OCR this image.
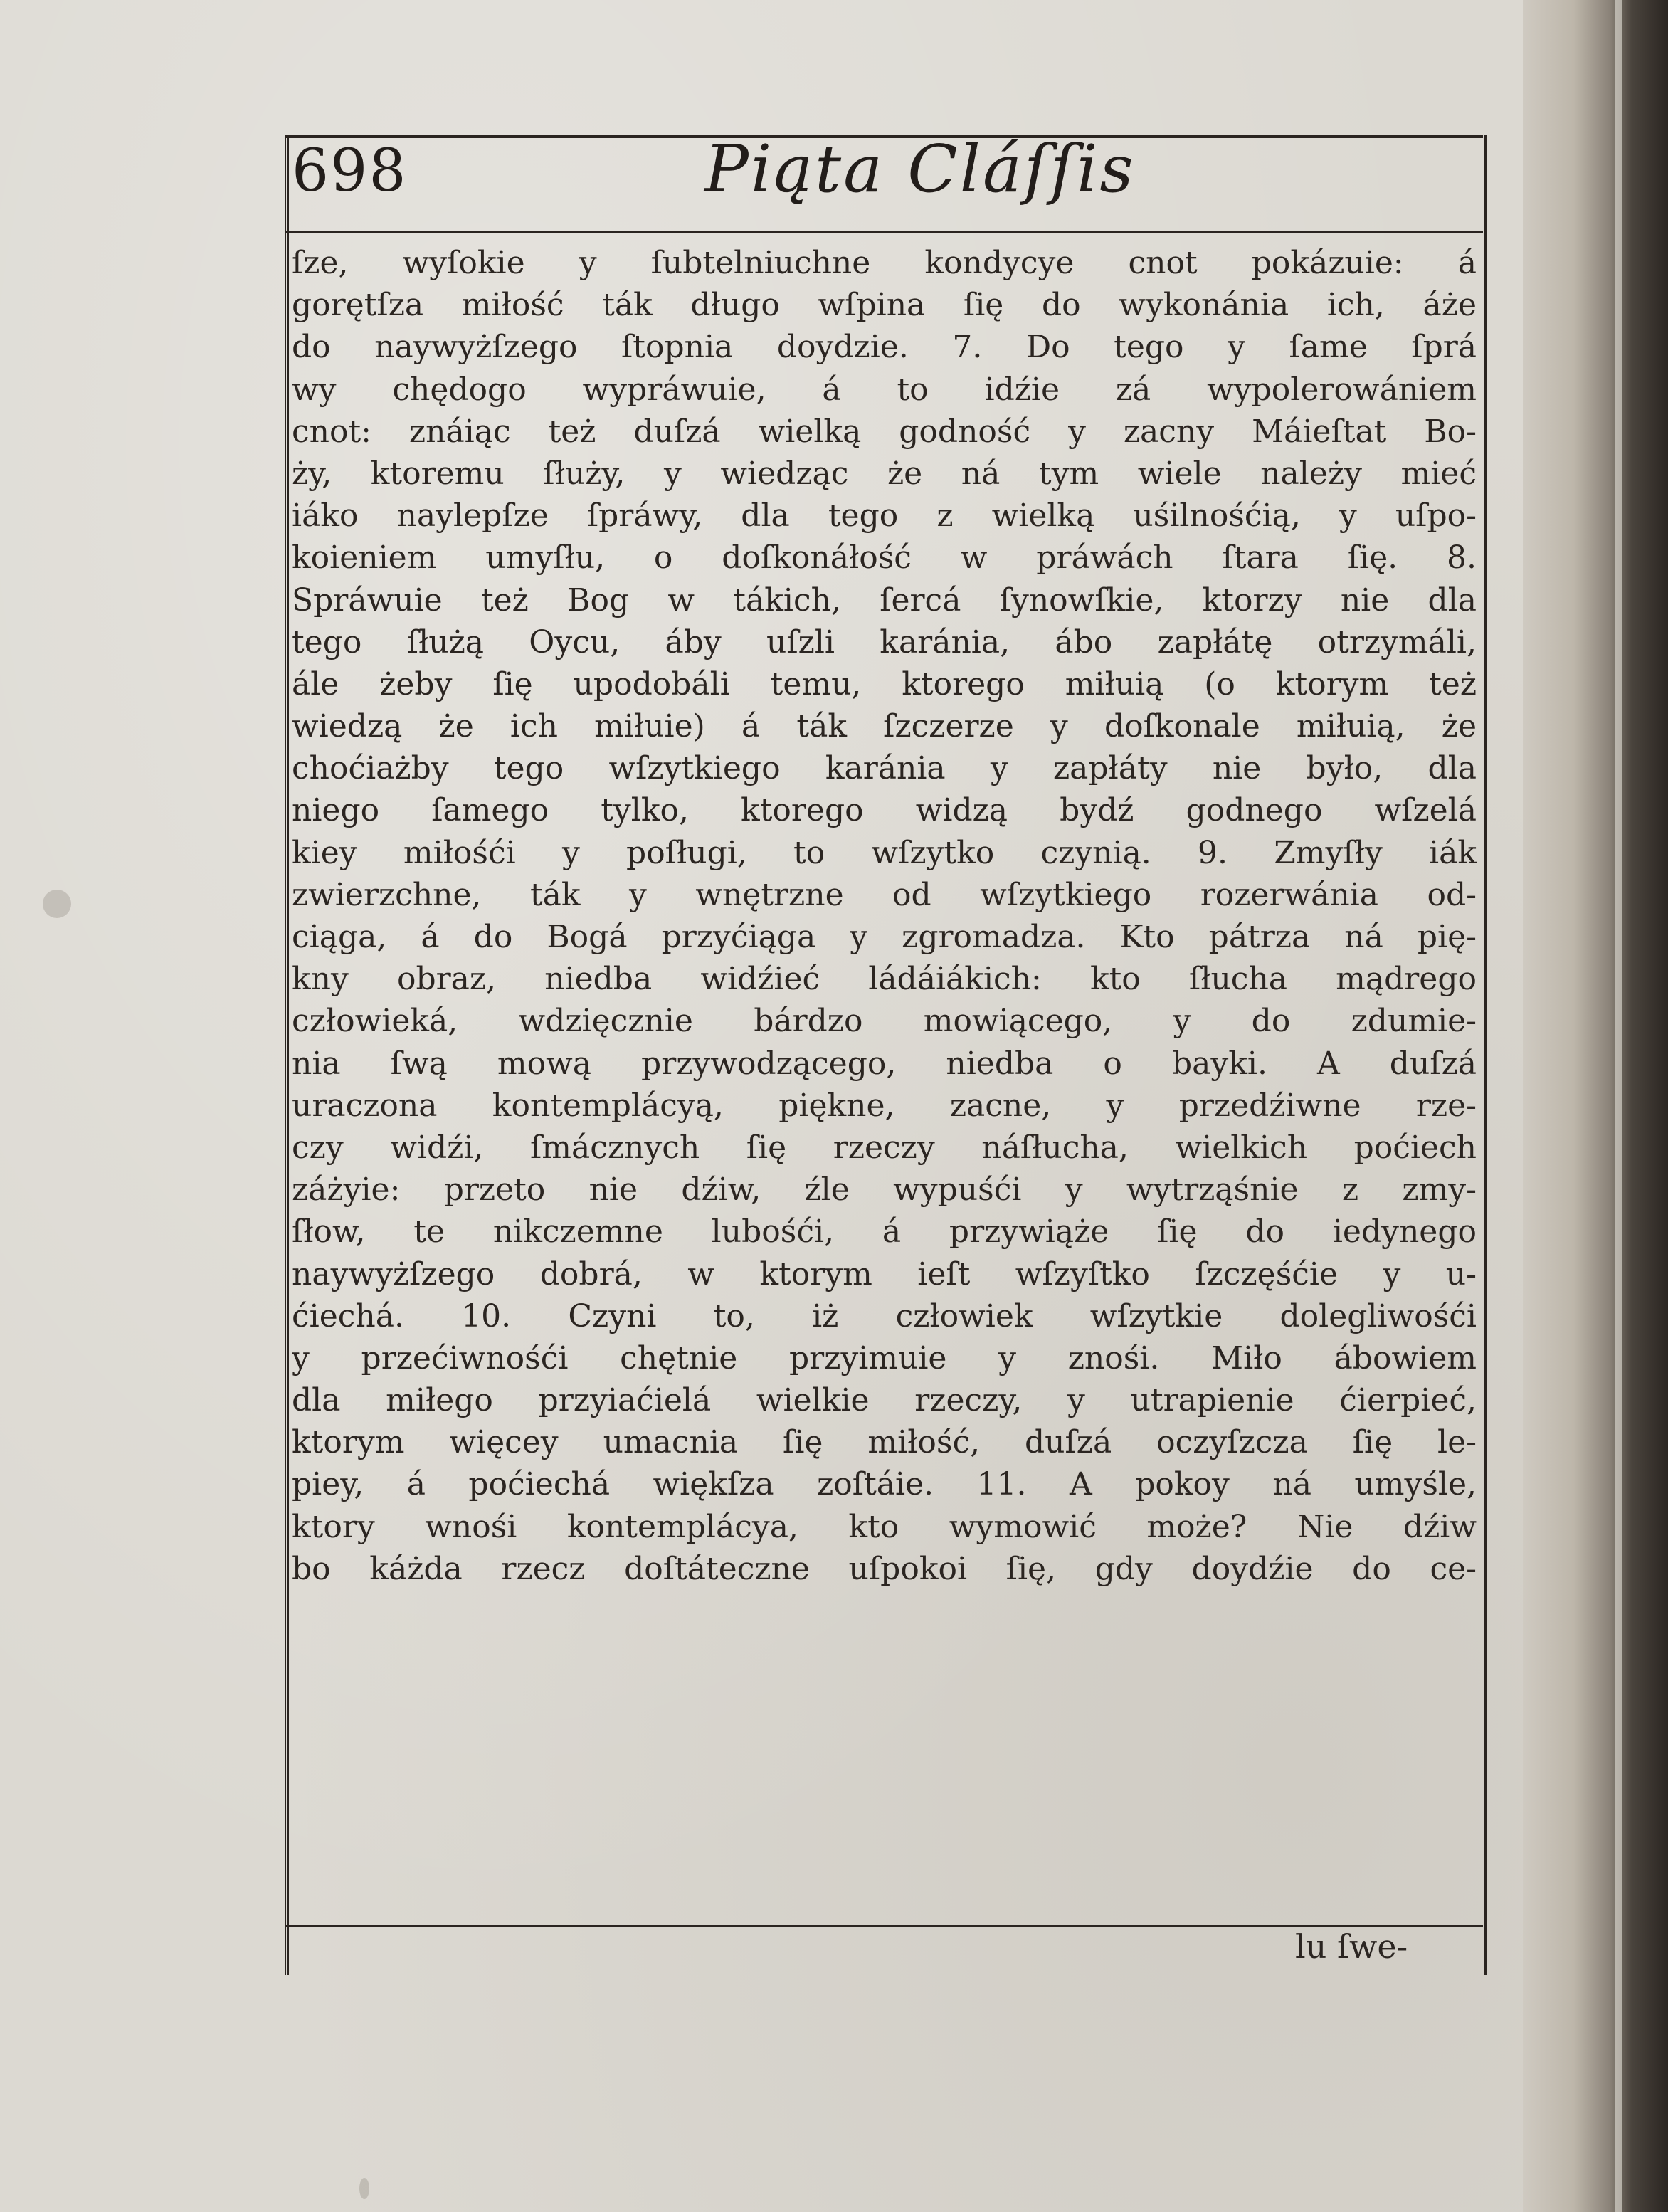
698	Piąta Cláſſis
ſze, wyſokie y ſubtelniuchne kondycye cnot pokázuie: á
gorętſza miłość ták długo wſpina ſię do wykonánia ich, áże
do naywyżſzego ſtopnia doydzie. 7. Do tego y ſame ſprá
wy chędogo wypráwuie, á to idźie zá wypolerowániem
cnot: znáiąc też duſzá wielką godność y zacny Máieſtat Bo-
ży, ktoremu ſłuży, y wiedząc że ná tym wiele należy mieć
iáko naylepſze ſpráwy, dla tego z wielką uśilnośćią, y uſpo-
koieniem umyſłu, o doſkonáłość w práwách ſtara ſię. 8.
Spráwuie też Bog w tákich, ſercá ſynowſkie, ktorzy nie dla
tego ſłużą Oycu, áby uſzli karánia, ábo zapłátę otrzymáli,
ále żeby ſię upodobáli temu, ktorego miłuią (o ktorym też
wiedzą że ich miłuie) á ták ſzczerze y doſkonale miłuią, że
choćiażby tego wſzytkiego karánia y zapłáty nie było, dla
niego ſamego tylko, ktorego widzą bydź godnego wſzelá
kiey miłośći y poſługi, to wſzytko czynią. 9. Zmyſły iák
zwierzchne, ták y wnętrzne od wſzytkiego rozerwánia od-
ciąga, á do Bogá przyćiąga y zgromadza. Kto pátrza ná pię-
kny obraz, niedba widźieć ládáiákich: kto ſłucha mądrego
człowieká, wdzięcznie bárdzo mowiącego, y do zdumie-
nia ſwą mową przywodzącego, niedba o bayki. A duſzá
uraczona kontemplácyą, piękne, zacne, y przedźiwne rze-
czy widźi, ſmácznych ſię rzeczy náſłucha, wielkich poćiech
záżyie: przeto nie dźiw, źle wypuśći y wytrząśnie z zmy-
ſłow, te nikczemne lubośći, á przywiąże ſię do iedynego
naywyżſzego dobrá, w ktorym ieſt wſzyſtko ſzczęśćie y u-
ćiechá. 10. Czyni to, iż człowiek wſzytkie dolegliwośći
y przećiwnośći chętnie przyimuie y znośi. Miło ábowiem
dla miłego przyiaćielá wielkie rzeczy, y utrapienie ćierpieć,
ktorym więcey umacnia ſię miłość, duſzá oczyſzcza ſię le-
piey, á poćiechá więkſza zoſtáie. 11. A pokoy ná umyśle,
ktory wnośi kontemplácya, kto wymowić może? Nie dźiw
bo káżda rzecz doſtáteczne uſpokoi ſię, gdy doydźie do ce-
lu ſwe-
